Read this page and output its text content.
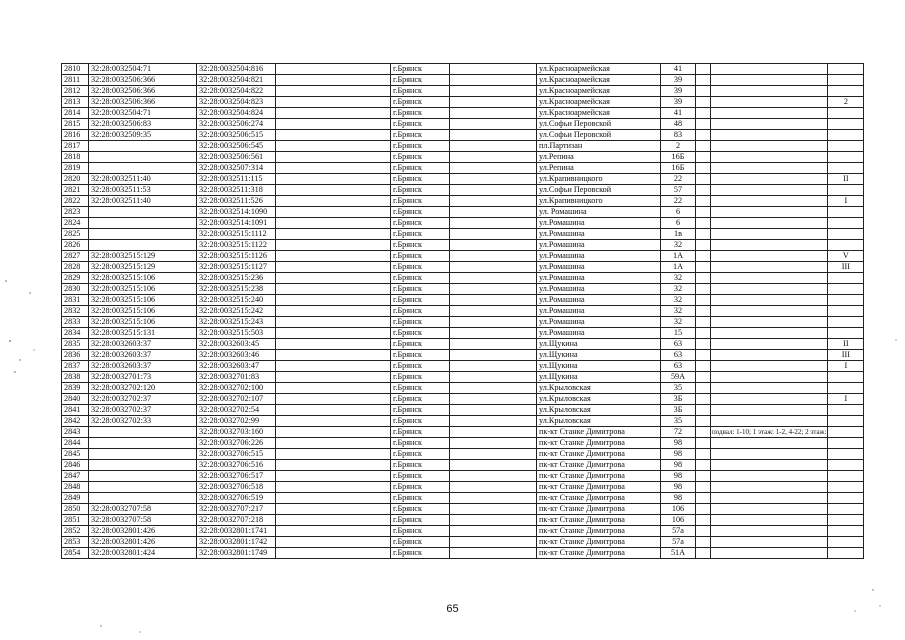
2810	32:28:0032504:71	32:28:0032504:816		г.Брянск		ул.Красноармейская	41			
2811	32:28:0032506:366	32:28:0032504:821		г.Брянск		ул.Красноармейская	39			
2812	32:28:0032506:366	32:28:0032504:822		г.Брянск		ул.Красноармейская	39			
2813	32:28:0032506:366	32:28:0032504:823		г.Брянск		ул.Красноармейская	39			2
2814	32:28:0032504:71	32:28:0032504:824		г.Брянск		ул.Красноармейская	41			
2815	32:28:0032506:83	32:28:0032506:274		г.Брянск		ул.Софьи Перовской	48			
2816	32:28:0032509:35	32:28:0032506:515		г.Брянск		ул.Софьи Перовской	83			
2817		32:28:0032506:545		г.Брянск		пл.Партизан	2			
2818		32:28:0032506:561		г.Брянск		ул.Репина	16Б			
2819		32:28:0032507:314		г.Брянск		ул.Репина	16Б			
2820	32:28:0032511:40	32:28:0032511:115		г.Брянск		ул.Крапивницкого	22			II
2821	32:28:0032511:53	32:28:0032511:318		г.Брянск		ул.Софьи Перовской	57			
2822	32:28:0032511:40	32:28:0032511:526		г.Брянск		ул.Крапивницкого	22			I
2823		32:28:0032514:1090		г.Брянск		ул. Ромашина	6			
2824		32:28:0032514:1091		г.Брянск		ул.Ромашина	6			
2825		32:28:0032515:1112		г.Брянск		ул.Ромашина	1в			
2826		32:28:0032515:1122		г.Брянск		ул.Ромашина	32			
2827	32:28:0032515:129	32:28:0032515:1126		г.Брянск		ул.Ромашина	1А			V
2828	32:28:0032515:129	32:28:0032515:1127		г.Брянск		ул.Ромашина	1А			III
2829	32:28:0032515:106	32:28:0032515:236		г.Брянск		ул.Ромашина	32			
2830	32:28:0032515:106	32:28:0032515:238		г.Брянск		ул.Ромашина	32			
2831	32:28:0032515:106	32:28:0032515:240		г.Брянск		ул.Ромашина	32			
2832	32:28:0032515:106	32:28:0032515:242		г.Брянск		ул.Ромашина	32			
2833	32:28:0032515:106	32:28:0032515:243		г.Брянск		ул.Ромашина	32			
2834	32:28:0032515:131	32:28:0032515:503		г.Брянск		ул.Ромашина	15			
2835	32:28:0032603:37	32:28:0032603:45		г.Брянск		ул.Щукина	63			II
2836	32:28:0032603:37	32:28:0032603:46		г.Брянск		ул.Щукина	63			III
2837	32:28:0032603:37	32:28:0032603:47		г.Брянск		ул.Щукина	63			I
2838	32:28:0032701:73	32:28:0032701:83		г.Брянск		ул.Щукина	59А			
2839	32:28:0032702:120	32:28:0032702:100		г.Брянск		ул.Крыловская	35			
2840	32:28:0032702:37	32:28:0032702:107		г.Брянск		ул.Крыловская	3Б			I
2841	32:28:0032702:37	32:28:0032702:54		г.Брянск		ул.Крыловская	3Б			
2842	32:28:0032702:33	32:28:0032702:99		г.Брянск		ул.Крыловская	35			
2843		32:28:0032703:160		г.Брянск		пк-кт Станке Димитрова	72		подвал: 1-10; 1 этаж: 1-2, 4-22; 2 этаж:	
2844		32:28:0032706:226		г.Брянск		пк-кт Станке Димитрова	98			
2845		32:28:0032706:515		г.Брянск		пк-кт Станке Димитрова	98			
2846		32:28:0032706:516		г.Брянск		пк-кт Станке Димитрова	98			
2847		32:28:0032706:517		г.Брянск		пк-кт Станке Димитрова	98			
2848		32:28:0032706:518		г.Брянск		пк-кт Станке Димитрова	98			
2849		32:28:0032706:519		г.Брянск		пк-кт Станке Димитрова	98			
2850	32:28:0032707:58	32:28:0032707:217		г.Брянск		пк-кт Станке Димитрова	106			
2851	32:28:0032707:58	32:28:0032707:218		г.Брянск		пк-кт Станке Димитрова	106			
2852	32:28:0032801:426	32:28:0032801:1741		г.Брянск		пк-кт Станке Димитрова	57а			
2853	32:28:0032801:426	32:28:0032801:1742		г.Брянск		пк-кт Станке Димитрова	57а			
2854	32:28:0032801:424	32:28:0032801:1749		г.Брянск		пк-кт Станке Димитрова	51А			
65
